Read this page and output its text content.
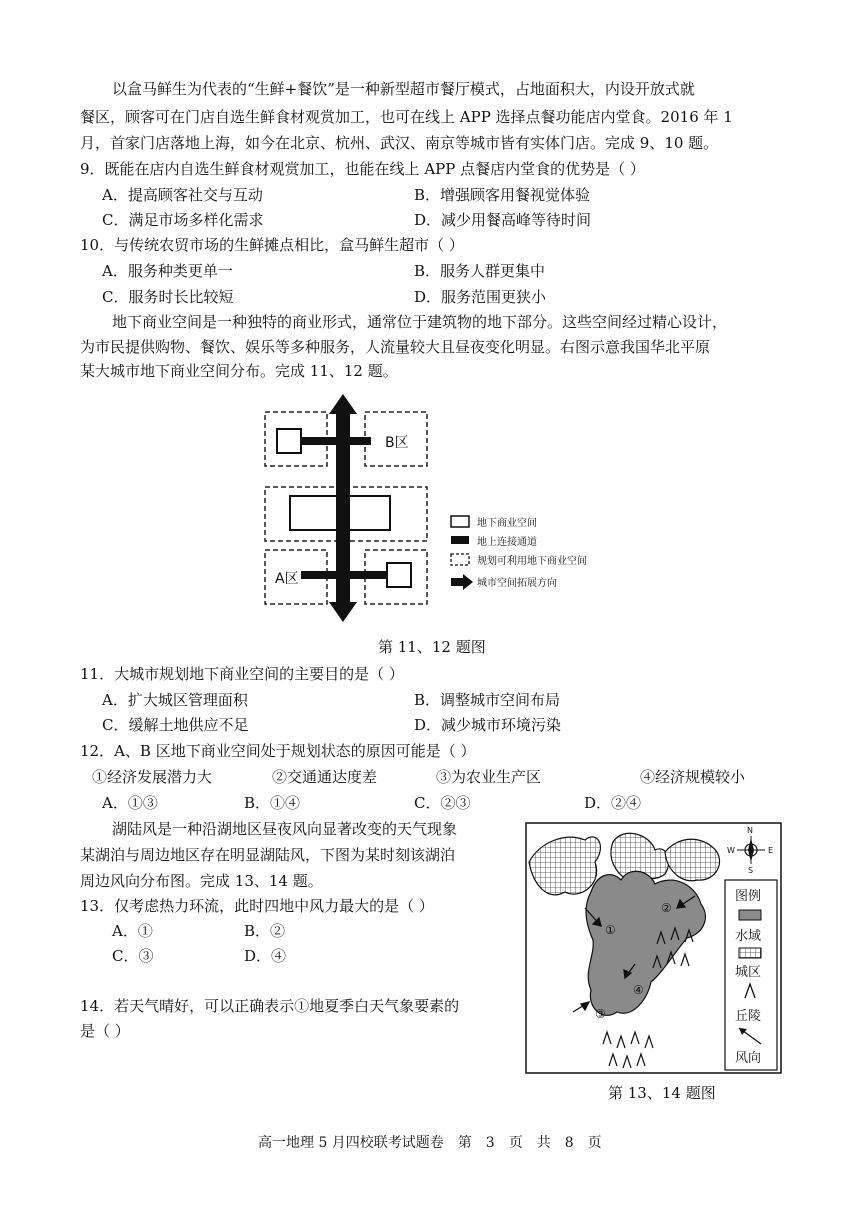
以盒马鲜生为代表的“生鲜+餐饮”是一种新型超市餐厅模式，占地面积大，内设开放式就
餐区，顾客可在门店自选生鲜食材观赏加工，也可在线上 APP 选择点餐功能店内堂食。2016 年 1
月，首家门店落地上海，如今在北京、杭州、武汉、南京等城市皆有实体门店。完成 9、10 题。
9．既能在店内自选生鲜食材观赏加工，也能在线上 APP 点餐店内堂食的优势是（ ）
A．提高顾客社交与互动	B．增强顾客用餐视觉体验
C．满足市场多样化需求	D．减少用餐高峰等待时间
10．与传统农贸市场的生鲜摊点相比，盒马鲜生超市（ ）
A．服务种类更单一	B．服务人群更集中
C．服务时长比较短	D．服务范围更狭小
地下商业空间是一种独特的商业形式，通常位于建筑物的地下部分。这些空间经过精心设计，
为市民提供购物、餐饮、娱乐等多种服务，人流量较大且昼夜变化明显。右图示意我国华北平原
某大城市地下商业空间分布。完成 11、12 题。
B区
A区
地下商业空间
地上连接通道
规划可利用地下商业空间
城市空间拓展方向
第 11、12 题图
11．大城市规划地下商业空间的主要目的是（ ）
A．扩大城区管理面积	B．调整城市空间布局
C．缓解土地供应不足	D．减少城市环境污染
12．A、B 区地下商业空间处于规划状态的原因可能是（ ）
①经济发展潜力大	②交通通达度差	③为农业生产区	④经济规模较小
A．①③	B．①④	C．②③	D．②④
湖陆风是一种沿湖地区昼夜风向显著改变的天气现象
某湖泊与周边地区存在明显湖陆风，下图为某时刻该湖泊
周边风向分布图。完成 13、14 题。
13．仅考虑热力环流，此时四地中风力最大的是（ ）
A．①	B．②
C．③	D．④
14．若天气晴好，可以正确表示①地夏季白天气象要素的
是（ ）
①
②
③
④
N
W	E
S
图例
水域
城区
丘陵
风向
第 13、14 题图
高一地理 5 月四校联考试题卷　第　3　页　共　8　页
